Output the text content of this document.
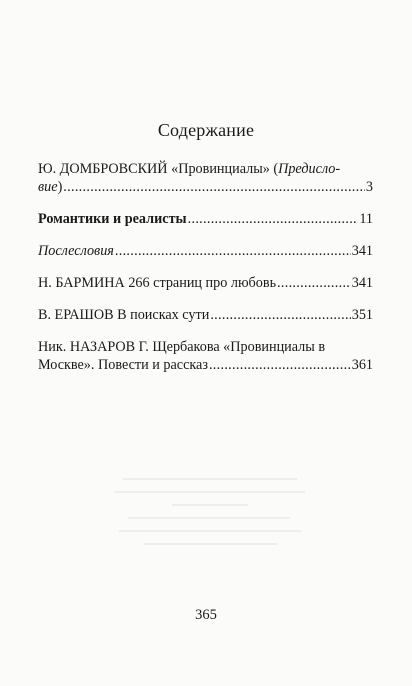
Содержание
Ю. ДОМБРОВСКИЙ «Провинциалы» (Предисло-
вие) .....	3
Романтики и реалисты .....	11
Послесловия .....	341
Н. БАРМИНА 266 страниц про любовь .....	341
В. ЕРАШОВ В поисках сути .....	351
Ник. НАЗАРОВ Г. Щербакова «Провинциалы в
Москве». Повести и рассказ .....	361
365
